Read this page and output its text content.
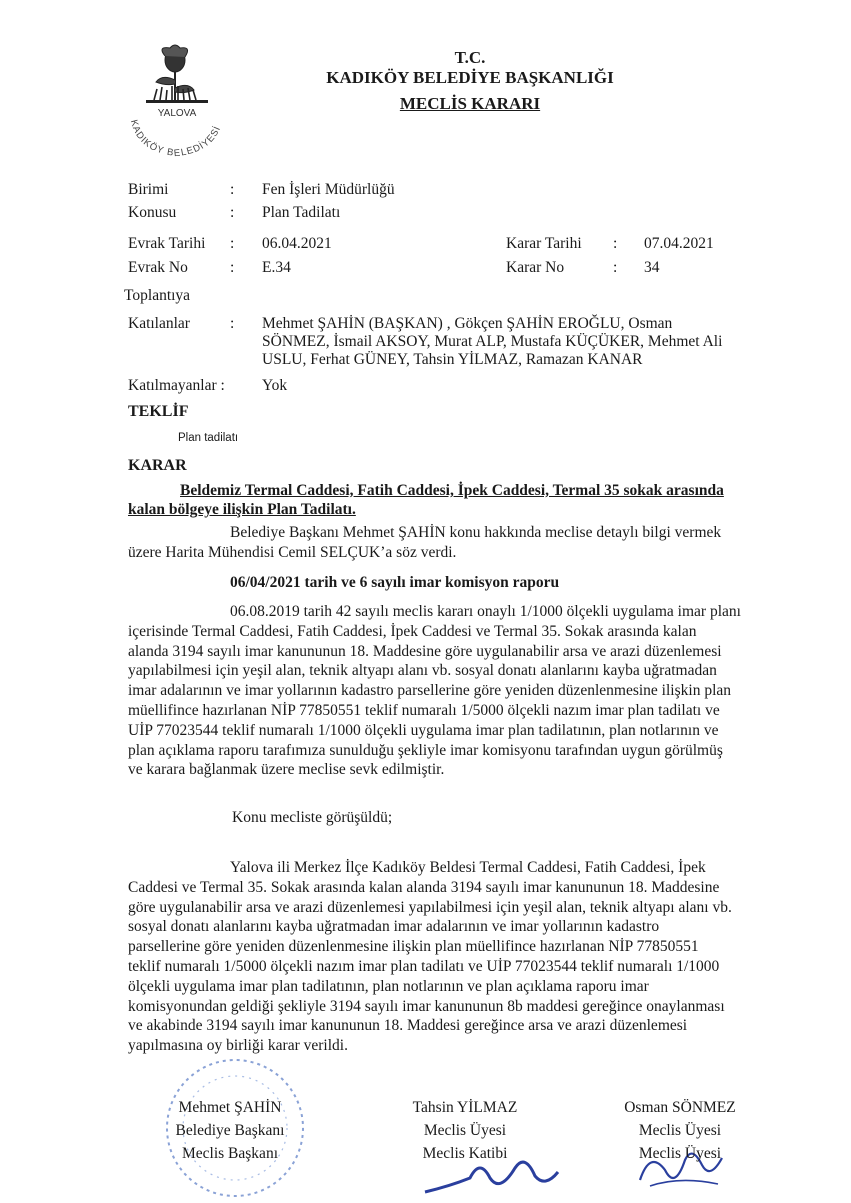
YALOVA
KADIKÖY BELEDİYESİ
T.C.
KADIKÖY BELEDİYE BAŞKANLIĞI
MECLİS KARARI
Birimi	: Fen İşleri Müdürlüğü
Konusu	: Plan Tadilatı
Evrak Tarihi : 06.04.2021	Karar Tarihi : 07.04.2021
Evrak No	: E.34	Karar No	: 34
Toplantıya
Katılanlar	: Mehmet ŞAHİN (BAŞKAN) , Gökçen ŞAHİN EROĞLU, Osman
SÖNMEZ, İsmail AKSOY, Murat ALP, Mustafa KÜÇÜKER, Mehmet Ali
USLU, Ferhat GÜNEY, Tahsin YİLMAZ, Ramazan KANAR
Katılmayanlar : Yok
TEKLİF
Plan tadilatı
KARAR
Beldemiz Termal Caddesi, Fatih Caddesi, İpek Caddesi, Termal 35 sokak arasında
kalan bölgeye ilişkin Plan Tadilatı.
Belediye Başkanı Mehmet ŞAHİN konu hakkında meclise detaylı bilgi vermek
üzere Harita Mühendisi Cemil SELÇUK’a söz verdi.
06/04/2021 tarih ve 6 sayılı imar komisyon raporu
06.08.2019 tarih 42 sayılı meclis kararı onaylı 1/1000 ölçekli uygulama imar planı
içerisinde Termal Caddesi, Fatih Caddesi, İpek Caddesi ve Termal 35. Sokak arasında kalan
alanda 3194 sayılı imar kanununun 18. Maddesine göre uygulanabilir arsa ve arazi düzenlemesi
yapılabilmesi için yeşil alan, teknik altyapı alanı vb. sosyal donatı alanlarını kayba uğratmadan
imar adalarının ve imar yollarının kadastro parsellerine göre yeniden düzenlenmesine ilişkin plan
müellifince hazırlanan NİP 77850551 teklif numaralı 1/5000 ölçekli nazım imar plan tadilatı ve
UİP 77023544 teklif numaralı 1/1000 ölçekli uygulama imar plan tadilatının, plan notlarının ve
plan açıklama raporu tarafımıza sunulduğu şekliyle imar komisyonu tarafından uygun görülmüş
ve karara bağlanmak üzere meclise sevk edilmiştir.
Konu mecliste görüşüldü;
Yalova ili Merkez İlçe Kadıköy Beldesi Termal Caddesi, Fatih Caddesi, İpek
Caddesi ve Termal 35. Sokak arasında kalan alanda 3194 sayılı imar kanununun 18. Maddesine
göre uygulanabilir arsa ve arazi düzenlemesi yapılabilmesi için yeşil alan, teknik altyapı alanı vb.
sosyal donatı alanlarını kayba uğratmadan imar adalarının ve imar yollarının kadastro
parsellerine göre yeniden düzenlenmesine ilişkin plan müellifince hazırlanan NİP 77850551
teklif numaralı 1/5000 ölçekli nazım imar plan tadilatı ve UİP 77023544 teklif numaralı 1/1000
ölçekli uygulama imar plan tadilatının, plan notlarının ve plan açıklama raporu imar
komisyonundan geldiği şekliyle 3194 sayılı imar kanununun 8b maddesi gereğince onaylanması
ve akabinde 3194 sayılı imar kanununun 18. Maddesi gereğince arsa ve arazi düzenlemesi
yapılmasına oy birliği karar verildi.
Mehmet ŞAHİN
Belediye Başkanı
Meclis Başkanı
Tahsin YİLMAZ
Meclis Üyesi
Meclis Katibi
Osman SÖNMEZ
Meclis Üyesi
Meclis Üyesi
